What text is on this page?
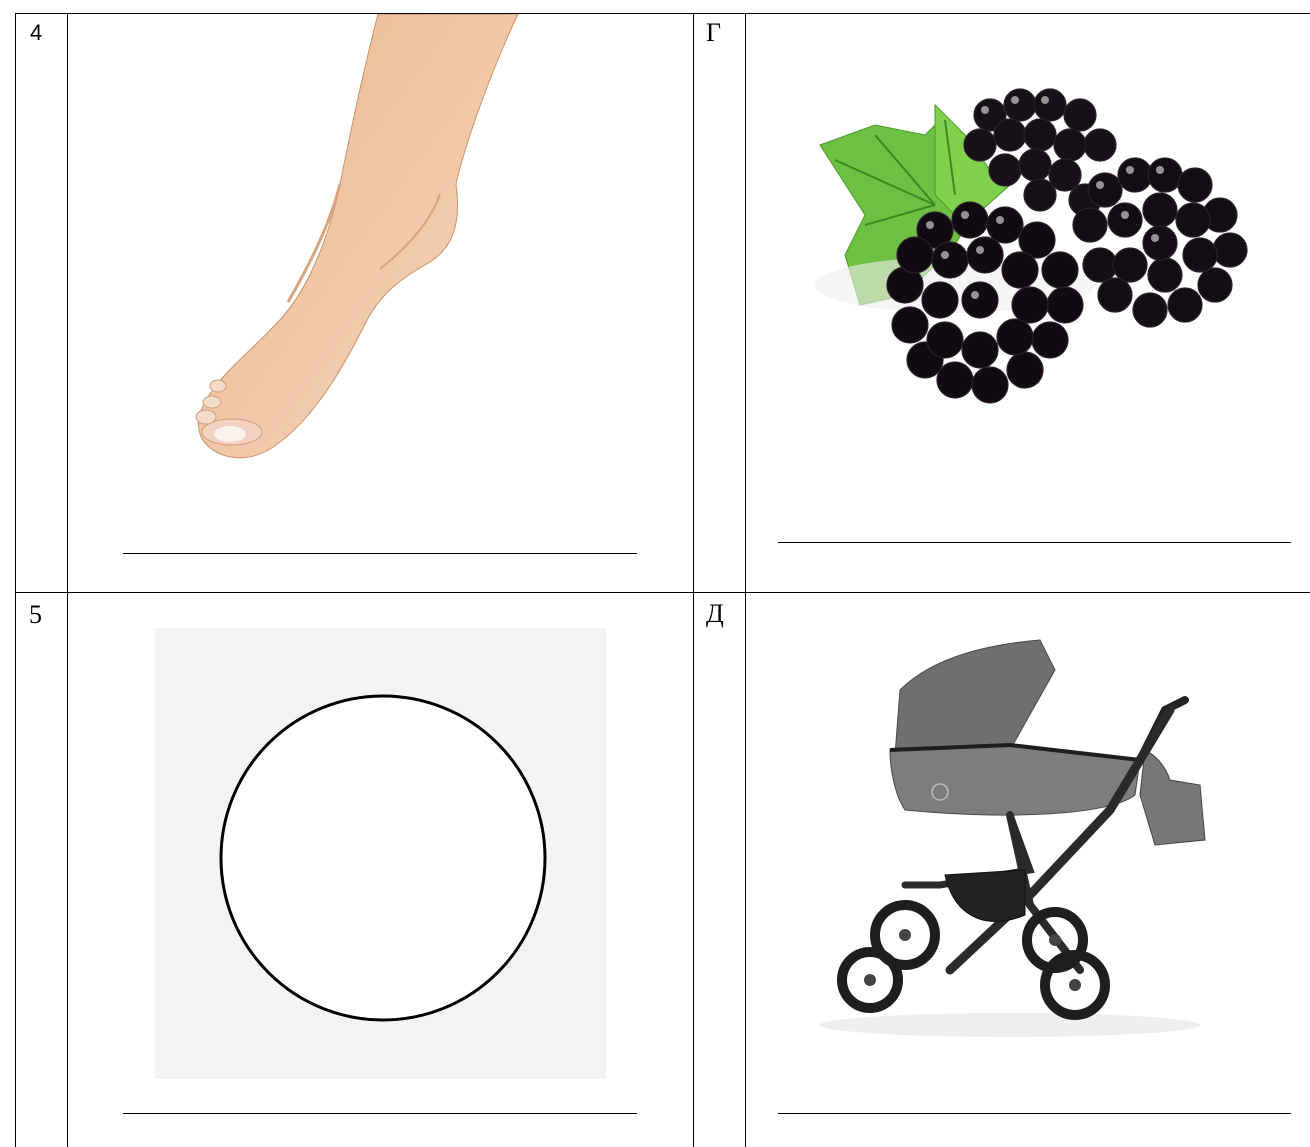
4	Г
5	Д
